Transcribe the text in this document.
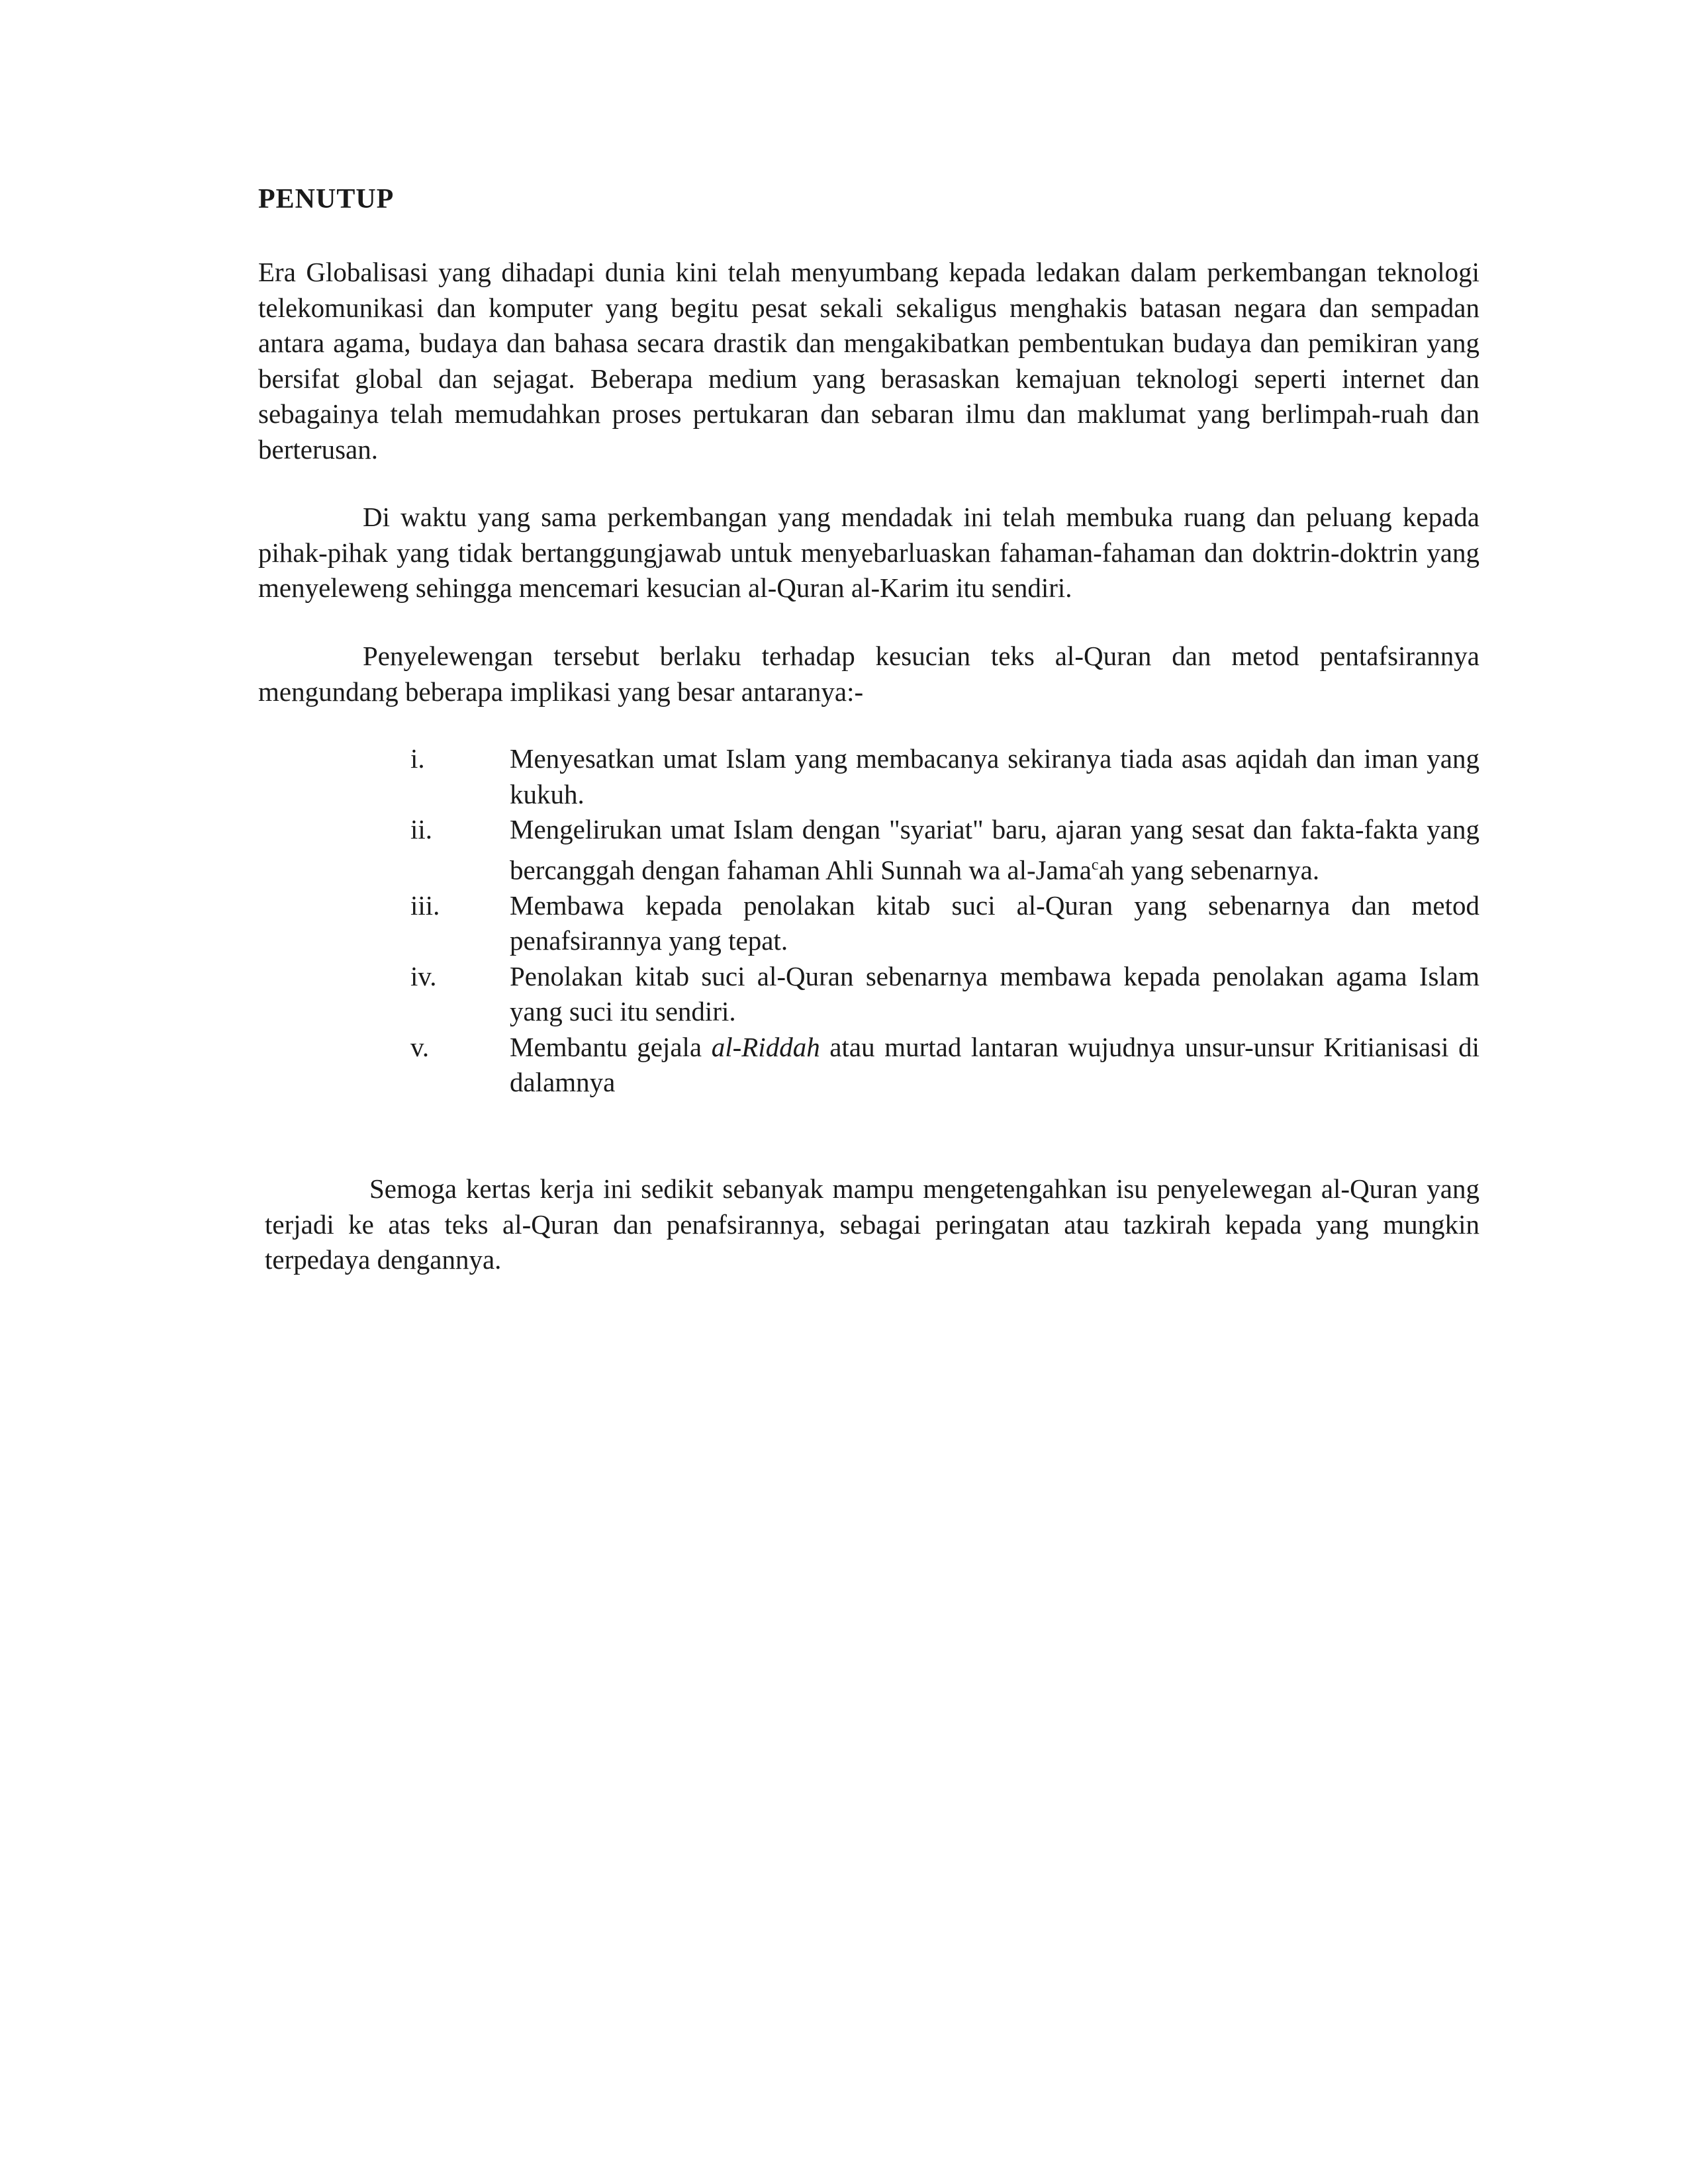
PENUTUP

Era Globalisasi yang dihadapi dunia kini telah menyumbang kepada ledakan dalam perkembangan teknologi telekomunikasi dan komputer yang begitu pesat sekali sekaligus menghakis batasan negara dan sempadan antara agama, budaya dan bahasa secara drastik dan mengakibatkan pembentukan budaya dan pemikiran yang bersifat global dan sejagat. Beberapa medium yang berasaskan kemajuan teknologi seperti internet dan sebagainya telah memudahkan proses pertukaran dan sebaran ilmu dan maklumat yang berlimpah-ruah dan berterusan.

Di waktu yang sama perkembangan yang mendadak ini telah membuka ruang dan peluang kepada pihak-pihak yang tidak bertanggungjawab untuk menyebarluaskan fahaman-fahaman dan doktrin-doktrin yang menyeleweng sehingga mencemari kesucian al-Quran al-Karim itu sendiri.

Penyelewengan tersebut berlaku terhadap kesucian teks al-Quran dan metod pentafsirannya mengundang beberapa implikasi yang besar antaranya:-

i.	Menyesatkan umat Islam yang membacanya sekiranya tiada asas aqidah dan iman yang kukuh.
ii.	Mengelirukan umat Islam dengan "syariat" baru, ajaran yang sesat dan fakta-fakta yang bercanggah dengan fahaman Ahli Sunnah wa al-Jama$^c$ah yang sebenarnya.
iii.	Membawa kepada penolakan kitab suci al-Quran yang sebenarnya dan metod penafsirannya yang tepat.
iv.	Penolakan kitab suci al-Quran sebenarnya membawa kepada penolakan agama Islam yang suci itu sendiri.
v.	Membantu gejala al-Riddah atau murtad lantaran wujudnya unsur-unsur Kritianisasi di dalamnya

Semoga kertas kerja ini sedikit sebanyak mampu mengetengahkan isu penyelewegan al-Quran yang terjadi ke atas teks al-Quran dan penafsirannya, sebagai peringatan atau tazkirah kepada yang mungkin terpedaya dengannya.
